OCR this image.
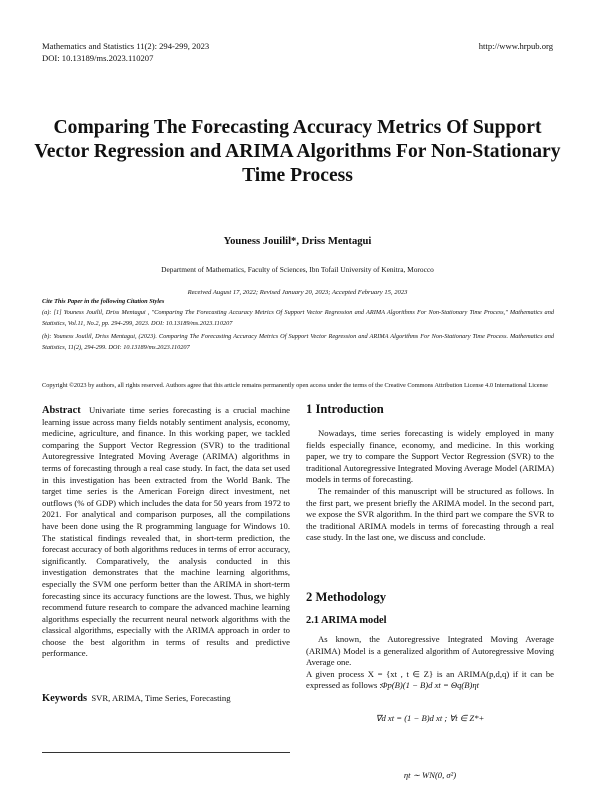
Mathematics and Statistics 11(2): 294-299, 2023
DOI: 10.13189/ms.2023.110207
http://www.hrpub.org
Comparing The Forecasting Accuracy Metrics Of Support Vector Regression and ARIMA Algorithms For Non-Stationary Time Process
Youness Jouilil*, Driss Mentagui
Department of Mathematics, Faculty of Sciences, Ibn Tofail University of Kenitra, Morocco
Received August 17, 2022; Revised January 20, 2023; Accepted February 15, 2023
Cite This Paper in the following Citation Styles
(a): [1] Youness Jouilil, Driss Mentagui , "Comparing The Forecasting Accuracy Metrics Of Support Vector Regression and ARIMA Algorithms For Non-Stationary Time Process," Mathematics and Statistics, Vol.11, No.2, pp. 294-299, 2023. DOI: 10.13189/ms.2023.110207
(b): Youness Jouilil, Driss Mentagui, (2023). Comparing The Forecasting Accuracy Metrics Of Support Vector Regression and ARIMA Algorithms For Non-Stationary Time Process. Mathematics and Statistics, 11(2), 294-299. DOI: 10.13189/ms.2023.110207
Copyright ©2023 by authors, all rights reserved. Authors agree that this article remains permanently open access under the terms of the Creative Commons Attribution License 4.0 International License

Abstract Univariate time series forecasting is a crucial machine learning issue across many fields notably sentiment analysis, economy, medicine, agriculture, and finance. In this working paper, we tackled comparing the Support Vector Regression (SVR) to the traditional Autoregressive Integrated Moving Average (ARIMA) algorithms in terms of forecasting through a real case study. In fact, the data set used in this investigation has been extracted from the World Bank. The target time series is the American Foreign direct investment, net outflows (% of GDP) which includes the data for 50 years from 1972 to 2021. For analytical and comparison purposes, all the compilations have been done using the R programming language for Windows 10. The statistical findings revealed that, in short-term prediction, the forecast accuracy of both algorithms reduces in terms of error accuracy, significantly. Comparatively, the analysis conducted in this investigation demonstrates that the machine learning algorithms, especially the SVM one perform better than the ARIMA in short-term forecasting since its accuracy functions are the lowest. Thus, we highly recommend future research to compare the advanced machine learning algorithms especially the recurrent neural network algorithms with the classical algorithms, especially with the ARIMA approach in order to choose the best algorithm in terms of results and predictive performance.

Keywords SVR, ARIMA, Time Series, Forecasting
1 Introduction
Nowadays, time series forecasting is widely employed in many fields especially finance, economy, and medicine. In this working paper, we try to compare the Support Vector Regression (SVR) to the traditional Autoregressive Integrated Moving Average Model (ARIMA) models in terms of forecasting.
The remainder of this manuscript will be structured as follows. In the first part, we present briefly the ARIMA model. In the second part, we expose the SVR algorithm. In the third part we compare the SVR to the traditional ARIMA models in terms of forecasting through a real case study. In the last one, we discuss and conclude.
2 Methodology
2.1 ARIMA model
As known, the Autoregressive Integrated Moving Average (ARIMA) Model is a generalized algorithm of Autoregressive Moving Average one.
A given process X = {xt , t ∈ Z} is an ARIMA(p,d,q) if it can be expressed as follows : Φp(B)(1 − B)d xt = Θq(B)ηt
∇d xt = (1 − B)d xt ; ∀t ∈ Z*+
ηt ∼ WN(0, σ²)
